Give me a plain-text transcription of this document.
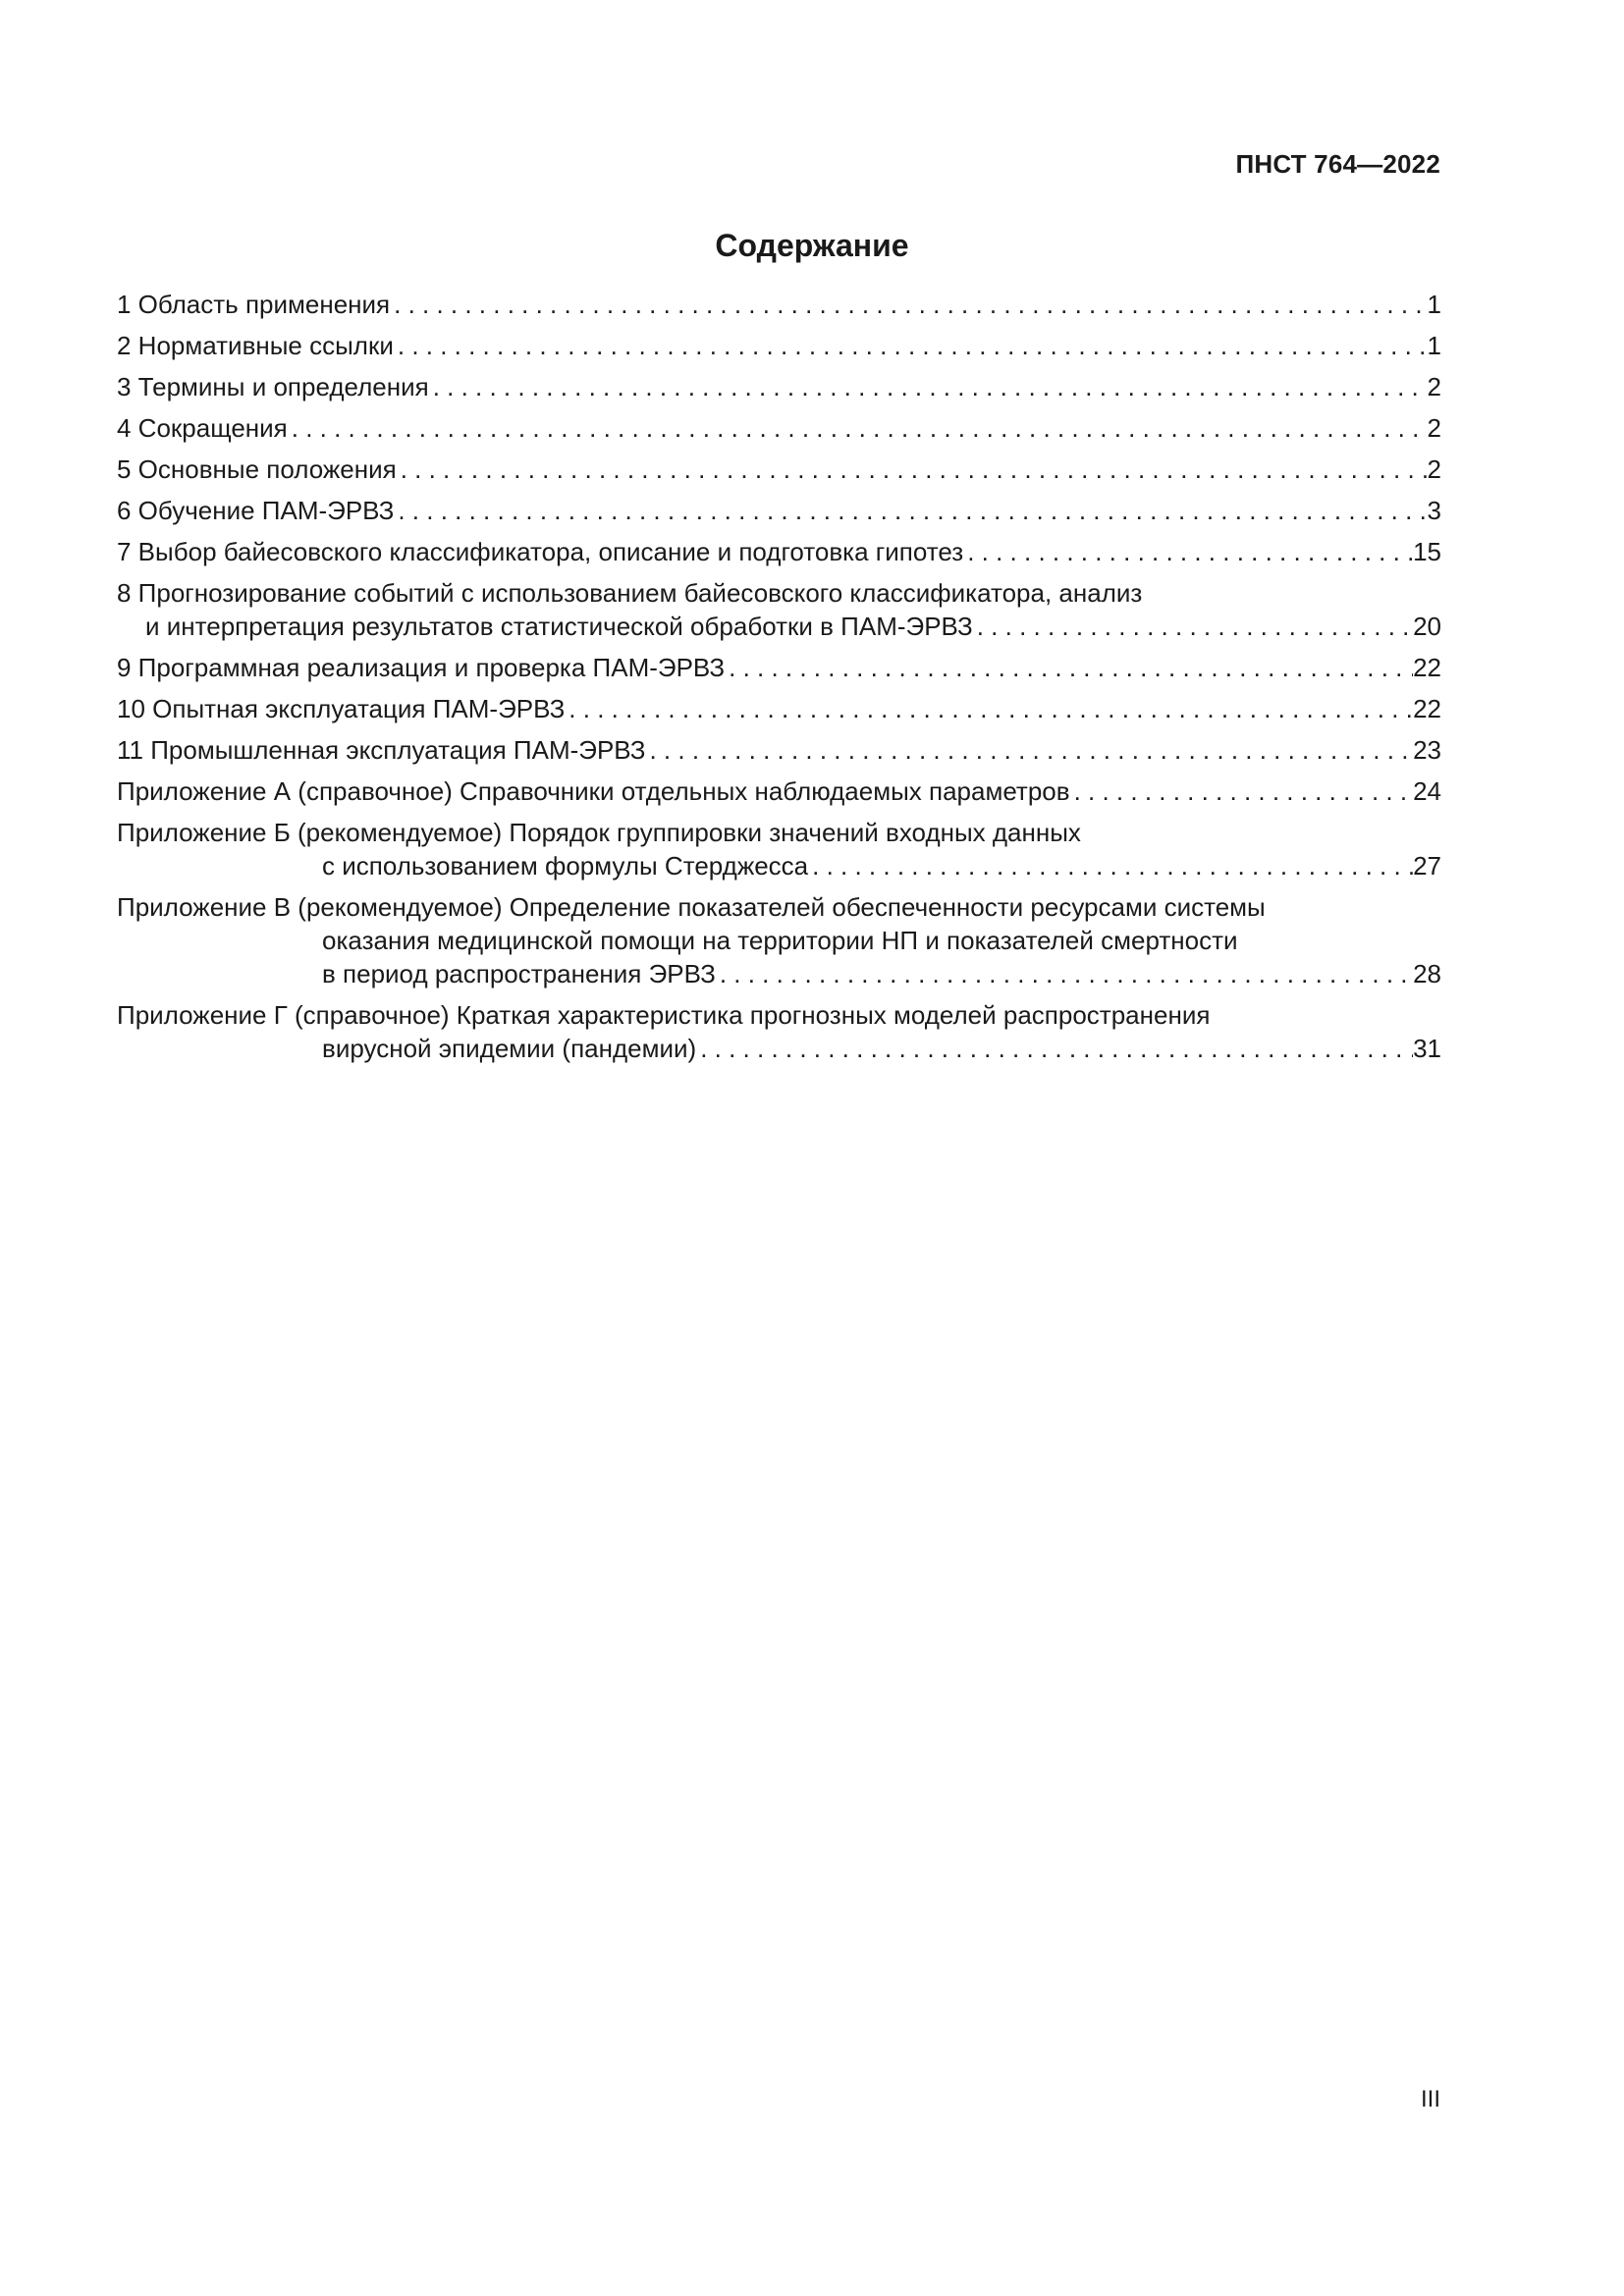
ПНСТ 764—2022
Содержание
1 Область применения . . .	1
2 Нормативные ссылки . . .	1
3 Термины и определения . . .	2
4 Сокращения . . .	2
5 Основные положения . . .	2
6 Обучение ПАМ-ЭРВЗ . . .	3
7 Выбор байесовского классификатора, описание и подготовка гипотез . . .	15
8 Прогнозирование событий с использованием байесовского классификатора, анализ
и интерпретация результатов статистической обработки в ПАМ-ЭРВЗ . . .	20
9 Программная реализация и проверка ПАМ-ЭРВЗ . . .	22
10 Опытная эксплуатация ПАМ-ЭРВЗ . . .	22
11 Промышленная эксплуатация ПАМ-ЭРВЗ . . .	23
Приложение А (справочное) Справочники отдельных наблюдаемых параметров . . .	24
Приложение Б (рекомендуемое) Порядок группировки значений входных данных
с использованием формулы Стерджесса . . .	27
Приложение В (рекомендуемое) Определение показателей обеспеченности ресурсами системы
оказания медицинской помощи на территории НП и показателей смертности
в период распространения ЭРВЗ . . .	28
Приложение Г (справочное) Краткая характеристика прогнозных моделей распространения
вирусной эпидемии (пандемии) . . .	31
III
